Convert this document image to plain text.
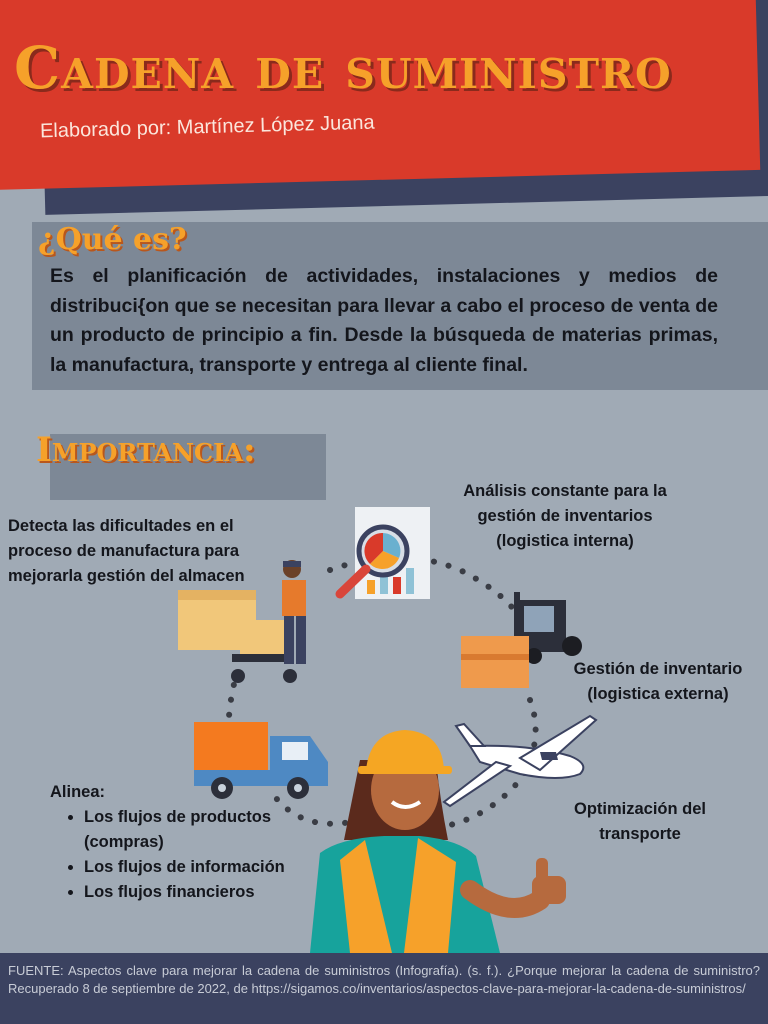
Cadena de suministro
Elaborado por: Martínez López Juana
¿Qué es?
Es el planificación de actividades, instalaciones y medios de distribuci{on que se necesitan para llevar a cabo el proceso de venta de un producto de principio a fin. Desde la búsqueda de materias primas, la manufactura, transporte y entrega al cliente final.
Importancia:
Detecta las dificultades en el proceso de manufactura para mejorarla gestión del almacen
Análisis constante para la gestión de inventarios (logistica interna)
Gestión de inventario (logistica externa)
Optimización del transporte
Alinea:
• Los flujos de productos (compras)
• Los flujos de información
• Los flujos financieros
FUENTE: Aspectos clave para mejorar la cadena de suministros (Infografía). (s. f.). ¿Porque mejorar la cadena de suministro? Recuperado 8 de septiembre de 2022, de https://sigamos.co/inventarios/aspectos-clave-para-mejorar-la-cadena-de-suministros/
